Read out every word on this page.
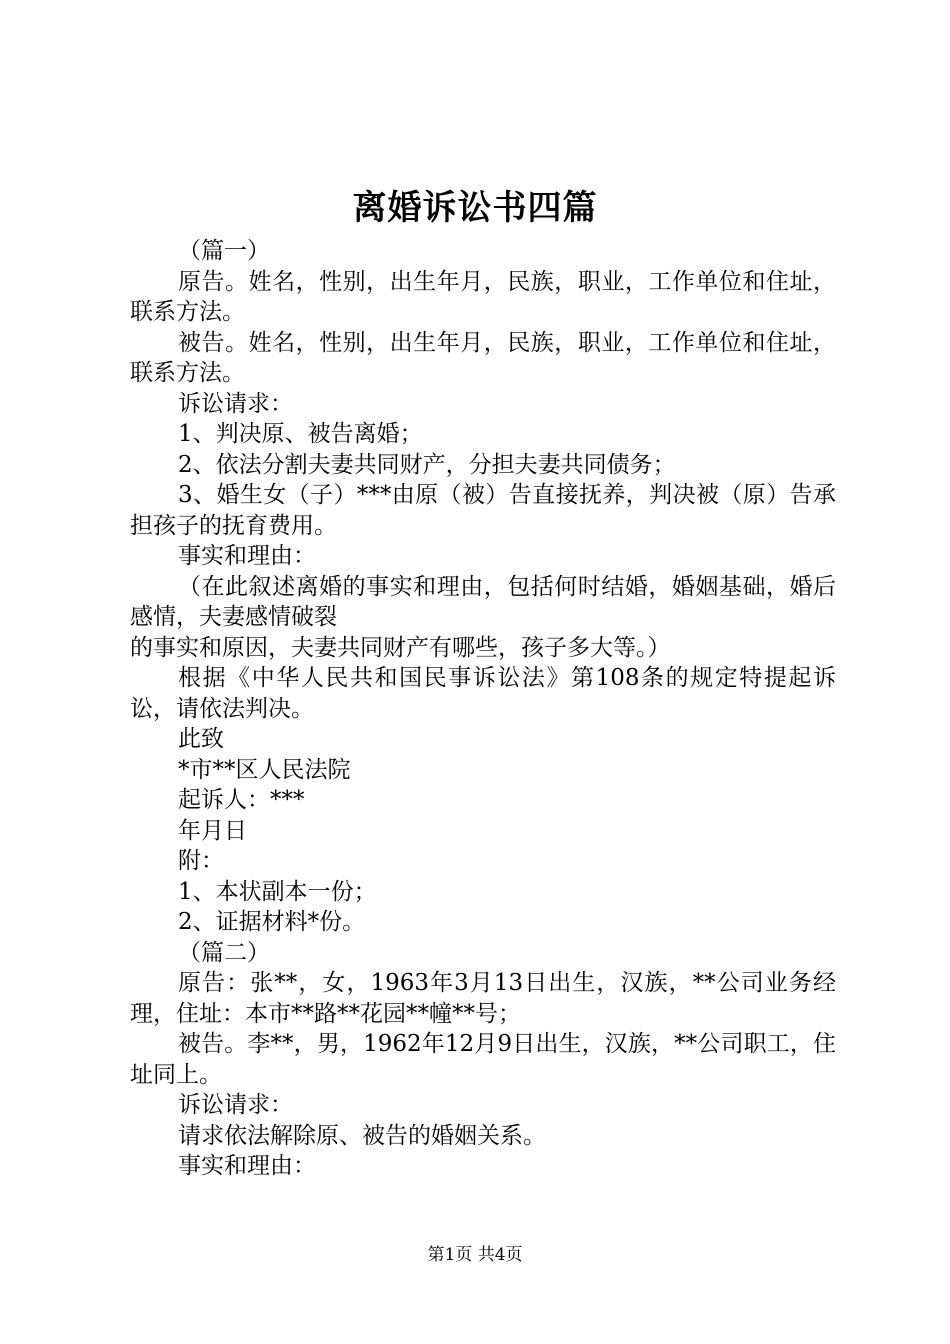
离婚诉讼书四篇

（篇一）

原告。姓名，性别，出生年月，民族，职业，工作单位和住址，联系方法。

被告。姓名，性别，出生年月，民族，职业，工作单位和住址，联系方法。

诉讼请求：

1、判决原、被告离婚；

2、依法分割夫妻共同财产，分担夫妻共同债务；

3、婚生女（子）***由原（被）告直接抚养，判决被（原）告承担孩子的抚育费用。

事实和理由：

（在此叙述离婚的事实和理由，包括何时结婚，婚姻基础，婚后感情，夫妻感情破裂

的事实和原因，夫妻共同财产有哪些，孩子多大等。）

根据《中华人民共和国民事诉讼法》第108条的规定特提起诉讼，请依法判决。

此致

*市**区人民法院

起诉人：***

年月日

附：

1、本状副本一份；

2、证据材料*份。

（篇二）

原告：张**，女，1963年3月13日出生，汉族，**公司业务经理，住址：本市**路**花园**幢**号；

被告。李**，男，1962年12月9日出生，汉族，**公司职工，住址同上。

诉讼请求：

请求依法解除原、被告的婚姻关系。

事实和理由：

第1页 共4页
